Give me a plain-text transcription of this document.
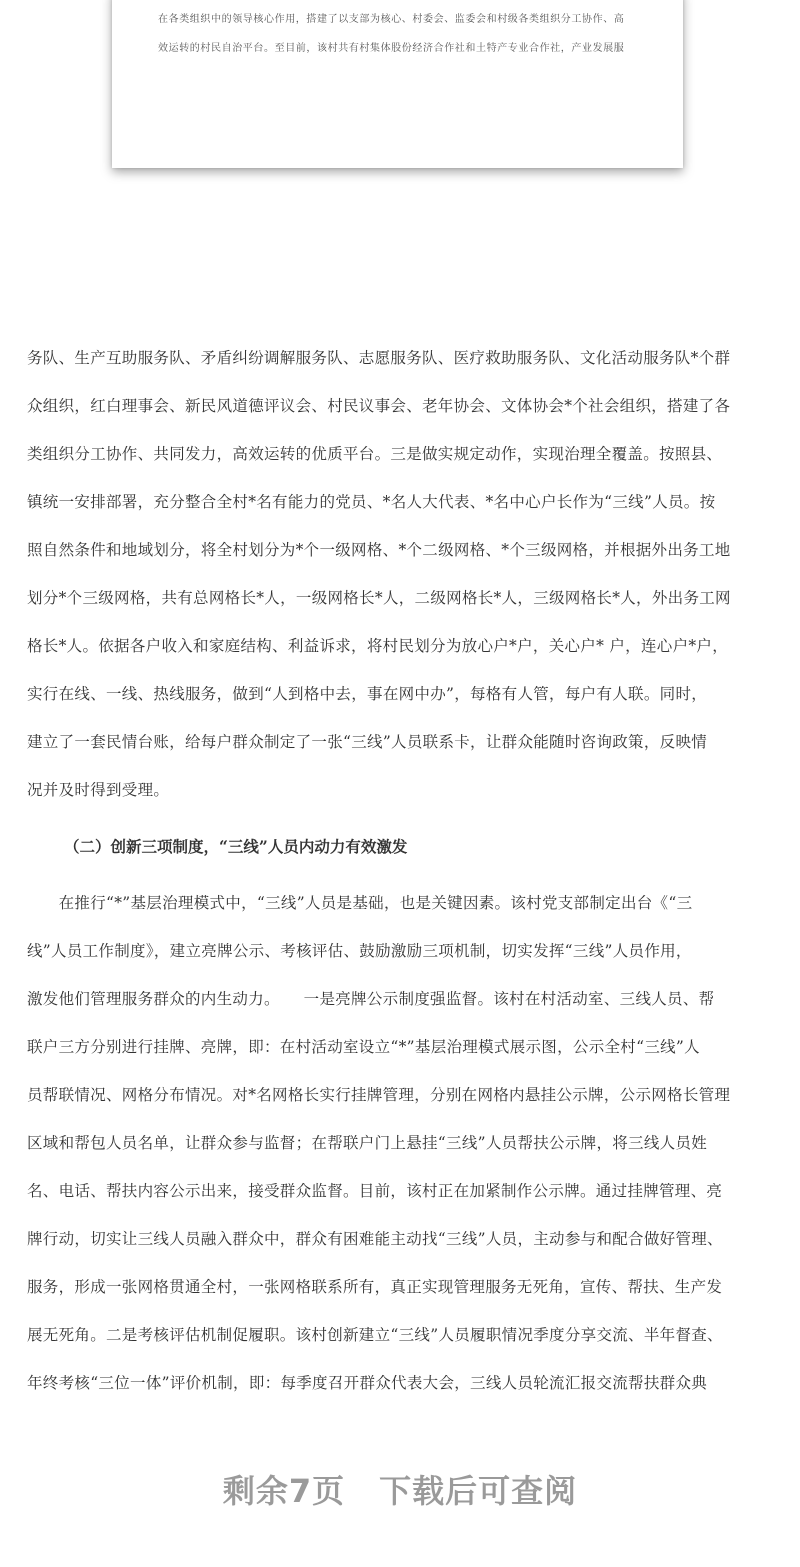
在各类组织中的领导核心作用，搭建了以支部为核心、村委会、监委会和村级各类组织分工协作、高
效运转的村民自治平台。至目前，该村共有村集体股份经济合作社和土特产专业合作社，产业发展服
务队、生产互助服务队、矛盾纠纷调解服务队、志愿服务队、医疗救助服务队、文化活动服务队*个群
众组织，红白理事会、新民风道德评议会、村民议事会、老年协会、文体协会*个社会组织，搭建了各
类组织分工协作、共同发力，高效运转的优质平台。三是做实规定动作，实现治理全覆盖。按照县、
镇统一安排部署，充分整合全村*名有能力的党员、*名人大代表、*名中心户长作为“三线”人员。按
照自然条件和地域划分，将全村划分为*个一级网格、*个二级网格、*个三级网格，并根据外出务工地
划分*个三级网格，共有总网格长*人，一级网格长*人，二级网格长*人，三级网格长*人，外出务工网
格长*人。依据各户收入和家庭结构、利益诉求，将村民划分为放心户*户，关心户* 户，连心户*户，
实行在线、一线、热线服务，做到“人到格中去，事在网中办”，每格有人管，每户有人联。同时，
建立了一套民情台账，给每户群众制定了一张“三线”人员联系卡，让群众能随时咨询政策，反映情
况并及时得到受理。
（二）创新三项制度，“三线”人员内动力有效激发
　　在推行“*”基层治理模式中，“三线”人员是基础，也是关键因素。该村党支部制定出台《“三
线”人员工作制度》，建立亮牌公示、考核评估、鼓励激励三项机制，切实发挥“三线”人员作用，
激发他们管理服务群众的内生动力。　　一是亮牌公示制度强监督。该村在村活动室、三线人员、帮
联户三方分别进行挂牌、亮牌，即：在村活动室设立“*”基层治理模式展示图，公示全村“三线”人
员帮联情况、网格分布情况。对*名网格长实行挂牌管理，分别在网格内悬挂公示牌，公示网格长管理
区域和帮包人员名单，让群众参与监督；在帮联户门上悬挂“三线”人员帮扶公示牌，将三线人员姓
名、电话、帮扶内容公示出来，接受群众监督。目前，该村正在加紧制作公示牌。通过挂牌管理、亮
牌行动，切实让三线人员融入群众中，群众有困难能主动找“三线”人员，主动参与和配合做好管理、
服务，形成一张网格贯通全村，一张网格联系所有，真正实现管理服务无死角，宣传、帮扶、生产发
展无死角。二是考核评估机制促履职。该村创新建立“三线”人员履职情况季度分享交流、半年督查、
年终考核“三位一体”评价机制，即：每季度召开群众代表大会，三线人员轮流汇报交流帮扶群众典
剩余7页 下载后可查阅
